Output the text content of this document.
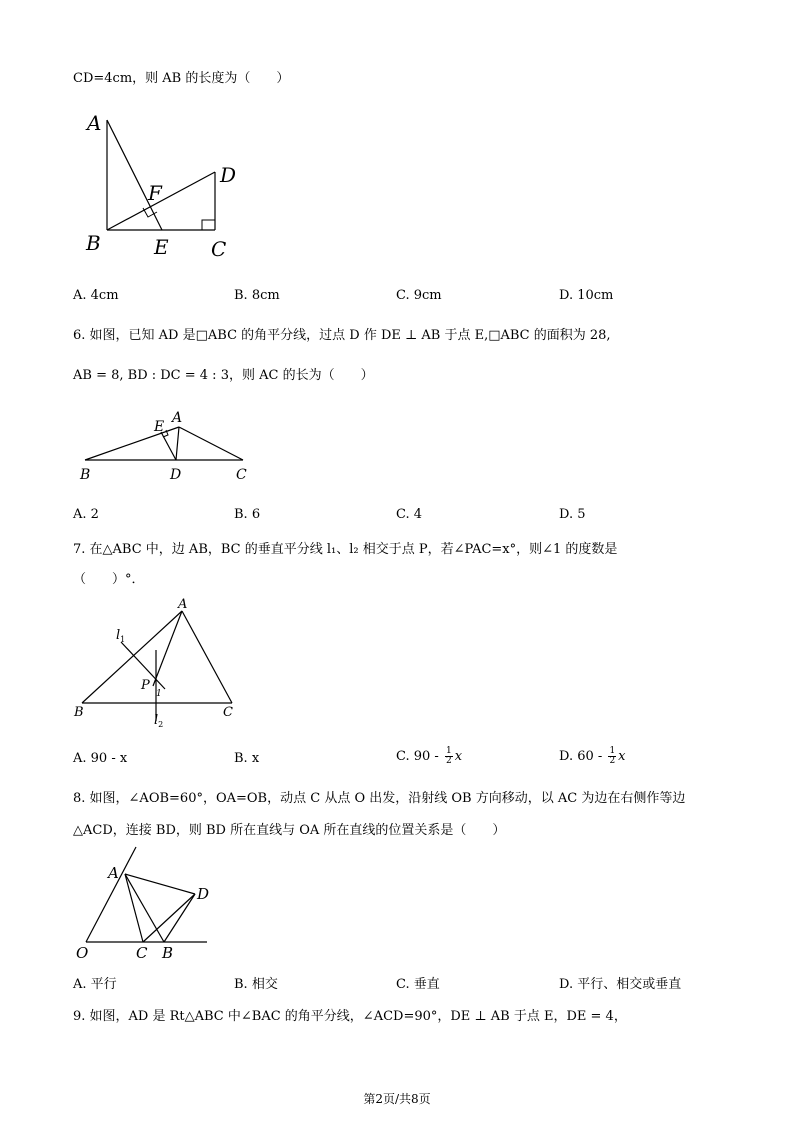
CD=4cm，则 AB 的长度为（　　）
A
B	E C
D
F
A. 4cm	B. 8cm	C. 9cm	D. 10cm
6. 如图，已知 AD 是□ABC 的角平分线，过点 D 作 DE ⊥ AB 于点 E,□ABC 的面积为 28,
AB = 8, BD : DC = 4 : 3，则 AC 的长为（　　）
A
E
B	D	C
A. 2	B. 6	C. 4	D. 5
7. 在△ABC 中，边 AB，BC 的垂直平分线 l₁、l₂ 相交于点 P，若∠PAC=x°，则∠1 的度数是
（　　）°．
A
B	C
P
1
$l_1$
$l_2$
A. 90 - x	B. x	C. $90 - \frac{1}{2}$ x	D. $60 - \frac{1}{2}$ x
8. 如图，∠AOB=60°，OA=OB，动点 C 从点 O 出发，沿射线 OB 方向移动，以 AC 为边在右侧作等边
△ACD，连接 BD，则 BD 所在直线与 OA 所在直线的位置关系是（　　）
A
O	C B
D
A. 平行	B. 相交	C. 垂直	D. 平行、相交或垂直
9. 如图，AD 是 Rt△ABC 中∠BAC 的角平分线，∠ACD=90°，DE ⊥ AB 于点 E，DE = 4，
第2页/共8页
